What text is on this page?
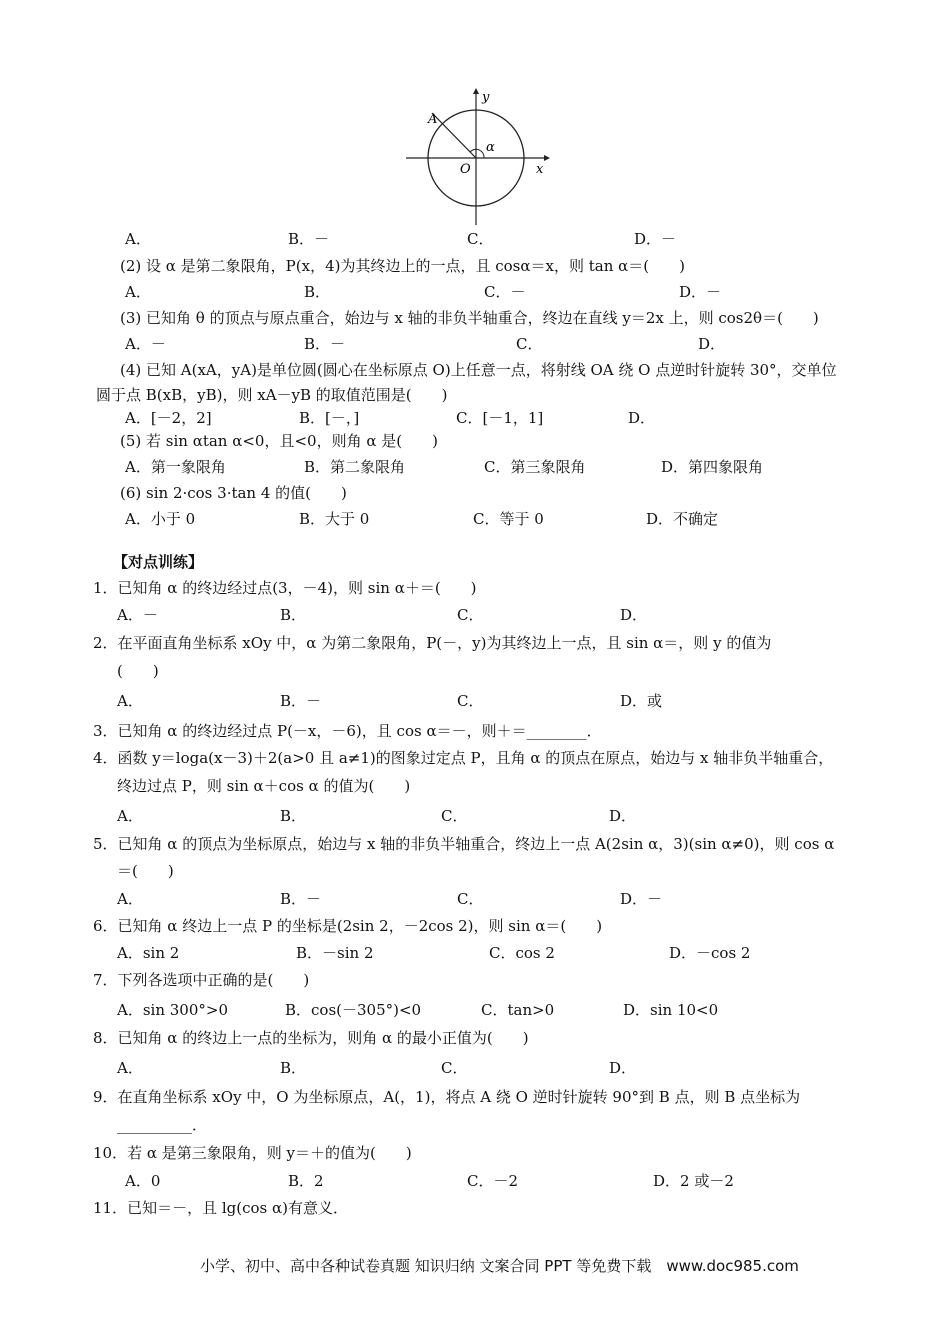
y
x
O
A
α
A．	B．－	C．	D．－
(2) 设 α 是第二象限角，P(x，4)为其终边上的一点，且 cosα＝x，则 tan α＝(　　)
A．	B．	C．－	D．－
(3) 已知角 θ 的顶点与原点重合，始边与 x 轴的非负半轴重合，终边在直线 y＝2x 上，则 cos2θ＝(　　)
A．－	B．－	C．	D．
(4) 已知 A(xA，yA)是单位圆(圆心在坐标原点 O)上任意一点，将射线 OA 绕 O 点逆时针旋转 30°，交单位
圆于点 B(xB，yB)，则 xA－yB 的取值范围是(　　)
A．[－2，2]	B．[－，]	C．[－1，1]	D．
(5) 若 sin αtan α<0，且<0，则角 α 是(　　)
A．第一象限角	B．第二象限角	C．第三象限角	D．第四象限角
(6) sin 2·cos 3·tan 4 的值(　　)
A．小于 0	B．大于 0	C．等于 0	D．不确定
【对点训练】
1．已知角 α 的终边经过点(3，－4)，则 sin α＋＝(　　)
A．－	B．	C．	D．
2．在平面直角坐标系 xOy 中，α 为第二象限角，P(－，y)为其终边上一点，且 sin α＝，则 y 的值为
(　　)
A．	B．－	C．	D．或
3．已知角 α 的终边经过点 P(－x，－6)，且 cos α＝－，则＋＝________．
4．函数 y＝loga(x－3)＋2(a>0 且 a≠1)的图象过定点 P，且角 α 的顶点在原点，始边与 x 轴非负半轴重合，
终边过点 P，则 sin α＋cos α 的值为(　　)
A．	B．	C．	D．
5．已知角 α 的顶点为坐标原点，始边与 x 轴的非负半轴重合，终边上一点 A(2sin α，3)(sin α≠0)，则 cos α
＝(　　)
A．	B．－	C．	D．－
6．已知角 α 终边上一点 P 的坐标是(2sin 2，－2cos 2)，则 sin α＝(　　)
A．sin 2	B．－sin 2	C．cos 2	D．－cos 2
7．下列各选项中正确的是(　　)
A．sin 300°>0	B．cos(－305°)<0	C．tan>0	D．sin 10<0
8．已知角 α 的终边上一点的坐标为，则角 α 的最小正值为(　　)
A．	B．	C．	D．
9．在直角坐标系 xOy 中，O 为坐标原点，A(，1)，将点 A 绕 O 逆时针旋转 90°到 B 点，则 B 点坐标为
__________．
10．若 α 是第三象限角，则 y＝＋的值为(　　)
A．0	B．2	C．－2	D．2 或－2
11．已知＝－，且 lg(cos α)有意义．
小学、初中、高中各种试卷真题 知识归纳 文案合同 PPT 等免费下载　www.doc985.com
